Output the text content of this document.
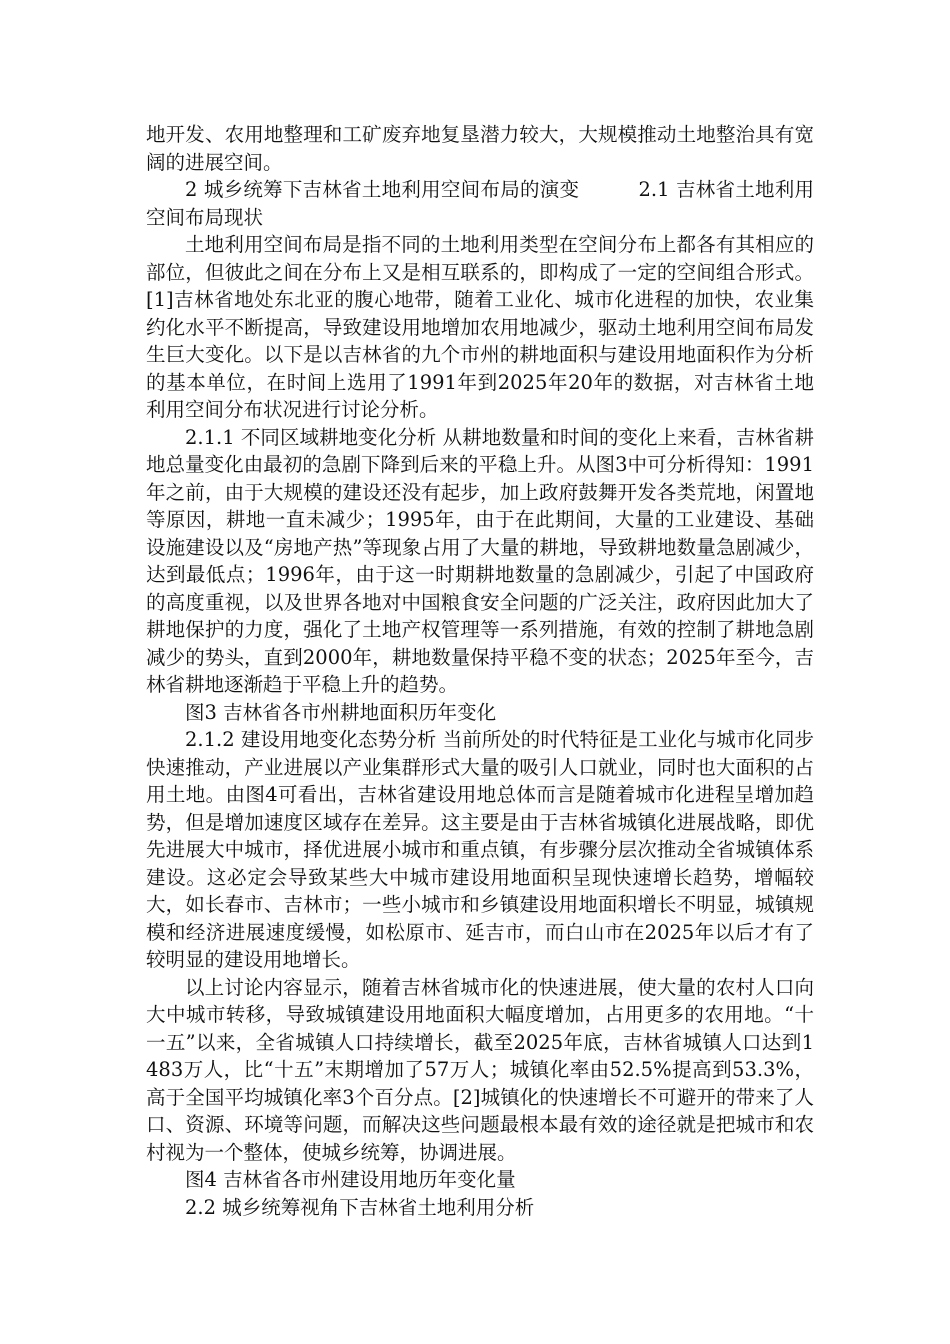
地开发、农用地整理和工矿废弃地复垦潜力较大，大规模推动土地整治具有宽阔的进展空间。

2 城乡统筹下吉林省土地利用空间布局的演变　　　2.1 吉林省土地利用空间布局现状

土地利用空间布局是指不同的土地利用类型在空间分布上都各有其相应的部位，但彼此之间在分布上又是相互联系的，即构成了一定的空间组合形式。[1]吉林省地处东北亚的腹心地带，随着工业化、城市化进程的加快，农业集约化水平不断提高，导致建设用地增加农用地减少，驱动土地利用空间布局发生巨大变化。以下是以吉林省的九个市州的耕地面积与建设用地面积作为分析的基本单位，在时间上选用了1991年到2025年20年的数据，对吉林省土地利用空间分布状况进行讨论分析。

2.1.1 不同区域耕地变化分析 从耕地数量和时间的变化上来看，吉林省耕地总量变化由最初的急剧下降到后来的平稳上升。从图3中可分析得知：1991年之前，由于大规模的建设还没有起步，加上政府鼓舞开发各类荒地，闲置地等原因，耕地一直未减少；1995年，由于在此期间，大量的工业建设、基础设施建设以及“房地产热”等现象占用了大量的耕地，导致耕地数量急剧减少，达到最低点；1996年，由于这一时期耕地数量的急剧减少，引起了中国政府的高度重视，以及世界各地对中国粮食安全问题的广泛关注，政府因此加大了耕地保护的力度，强化了土地产权管理等一系列措施，有效的控制了耕地急剧减少的势头，直到2000年，耕地数量保持平稳不变的状态；2025年至今，吉林省耕地逐渐趋于平稳上升的趋势。

图3 吉林省各市州耕地面积历年变化

2.1.2 建设用地变化态势分析 当前所处的时代特征是工业化与城市化同步快速推动，产业进展以产业集群形式大量的吸引人口就业，同时也大面积的占用土地。由图4可看出，吉林省建设用地总体而言是随着城市化进程呈增加趋势，但是增加速度区域存在差异。这主要是由于吉林省城镇化进展战略，即优先进展大中城市，择优进展小城市和重点镇，有步骤分层次推动全省城镇体系建设。这必定会导致某些大中城市建设用地面积呈现快速增长趋势，增幅较大，如长春市、吉林市；一些小城市和乡镇建设用地面积增长不明显，城镇规模和经济进展速度缓慢，如松原市、延吉市，而白山市在2025年以后才有了较明显的建设用地增长。

以上讨论内容显示，随着吉林省城市化的快速进展，使大量的农村人口向大中城市转移，导致城镇建设用地面积大幅度增加，占用更多的农用地。“十一五”以来，全省城镇人口持续增长，截至2025年底，吉林省城镇人口达到1483万人，比“十五”末期增加了57万人；城镇化率由52.5%提高到53.3%，高于全国平均城镇化率3个百分点。[2]城镇化的快速增长不可避开的带来了人口、资源、环境等问题，而解决这些问题最根本最有效的途径就是把城市和农村视为一个整体，使城乡统筹，协调进展。

图4 吉林省各市州建设用地历年变化量

2.2 城乡统筹视角下吉林省土地利用分析
